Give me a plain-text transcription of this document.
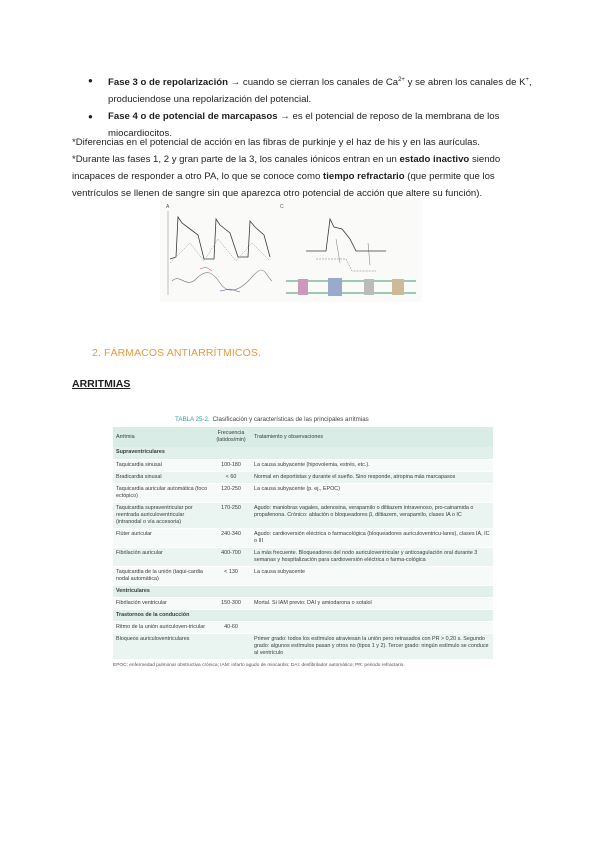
● Fase 3 o de repolarización → cuando se cierran los canales de $Ca^{2+}$ y se abren los canales de K+, produciendose una repolarización del potencial.
● Fase 4 o de potencial de marcapasos → es el potencial de reposo de la membrana de los miocardiocitos.

*Diferencias en el potencial de acción en las fibras de purkinje y el haz de his y en las aurículas.

*Durante las fases 1, 2 y gran parte de la 3, los canales iónicos entran en un estado inactivo siendo incapaces de responder a otro PA, lo que se conoce como tiempo refractario (que permite que los ventrículos se llenen de sangre sin que aparezca otro potencial de acción que altere su función).

A	C
2. FÁRMACOS ANTIARRÍTMICOS.
ARRITMIAS
TABLA 25-2. Clasificación y características de las principales arritmias
Arritmia	Frecuencia (latidos/min)	Tratamiento y observaciones
Supraventriculares		
Taquicardia sinusal	100-180	La causa subyacente (hipovolemia, estrés, etc.).
Bradicardia sinusal	< 60	Normal en deportistas y durante el sueño. Sino responde, atropina más marcapasos
Taquicardia auricular automática (foco ectópico)	120-250	La causa subyacente (p. ej., EPOC)
Taquicardia supraventricular por reentrada auriculoventricular (intranodal o vía accesoria)	170-250	Agudo: maniobras vagales, adenosina, verapamilo o diltiazem intravenoso, pro-cainamida o propafenona. Crónico: ablación o bloqueadores β, diltiazem, verapamilo, clases IA o IC
Flúter auricular	240-340	Agudo: cardioversión eléctrica o farmacológica (bloqueadores auriculoventricu-lares), clases IA, IC o III
Fibrilación auricular	400-700	La más frecuente. Bloqueadores del nodo auriculoventricular y anticoagulación oral durante 3 semanas y hospitalización para cardioversión eléctrica o farma-cológica
Taquicardia de la unión (taqui-cardia nodal automática)	< 130	La causa subyacente
Ventriculares		
Fibrilación ventricular	150-300	Mortal. Si IAM previo: DAI y amiodarona o sotalol
Trastornos de la conducción		
Ritmo de la unión auriculoven-tricular	40-60	
Bloqueos auriculoventriculares		Primer grado: todos los estímulos atraviesan la unión pero retrasados con PR > 0,20 s. Segundo grado: algunos estímulos pasan y otros no (tipos 1 y 2). Tercer grado: ningún estímulo se conduce al ventrículo
EPOC: enfermedad pulmonar obstructiva crónica; IAM: infarto agudo de miocardio; DAI: desfibrilador automático; PR: periodo refractario.
